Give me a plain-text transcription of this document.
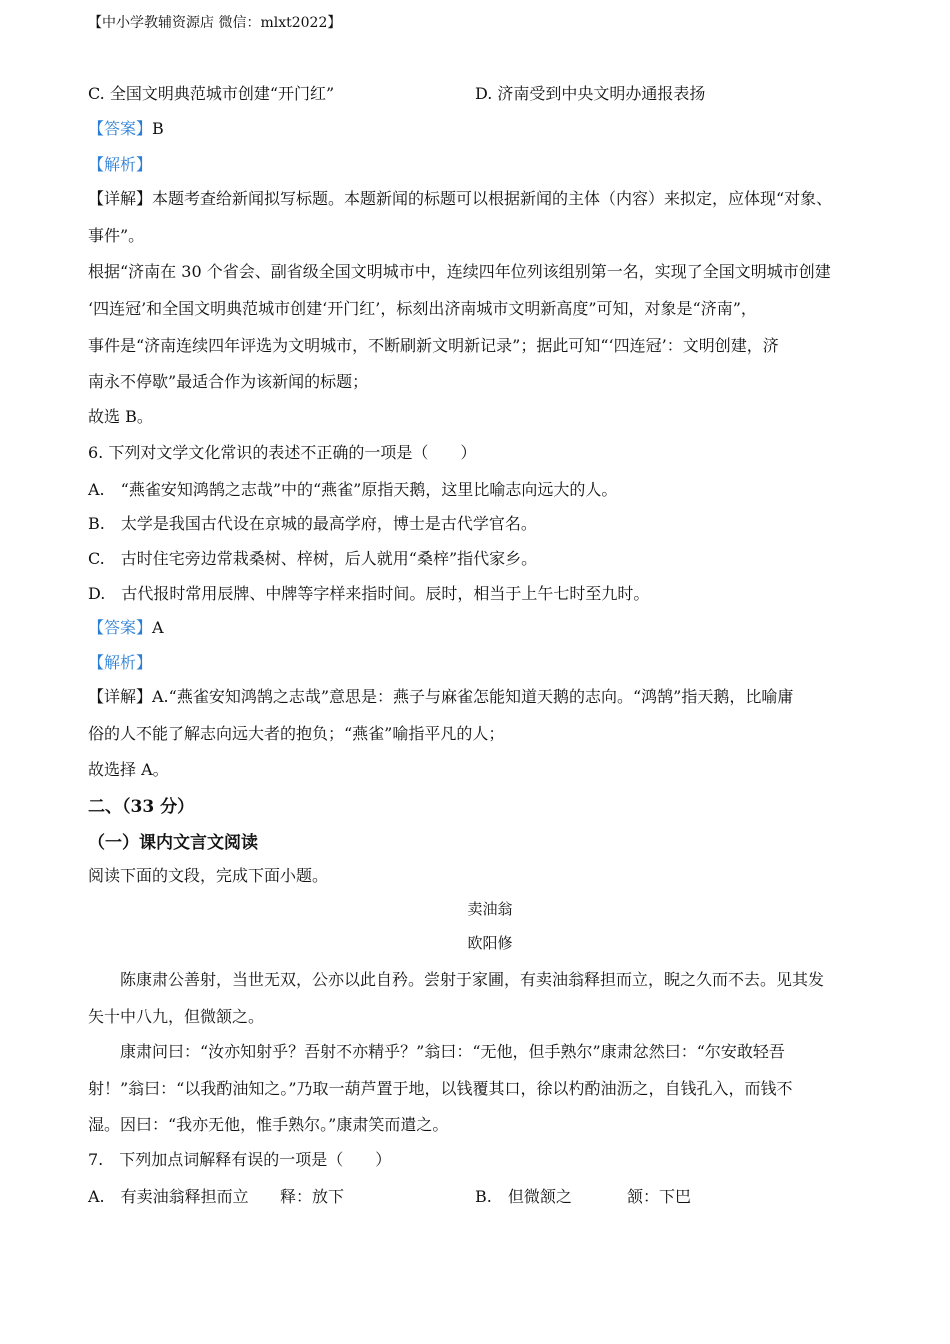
【中小学教辅资源店 微信：mlxt2022】
C. 全国文明典范城市创建“开门红”	D. 济南受到中央文明办通报表扬
【答案】B
【解析】
【详解】本题考查给新闻拟写标题。本题新闻的标题可以根据新闻的主体（内容）来拟定，应体现“对象、
事件”。
根据“济南在 30 个省会、副省级全国文明城市中，连续四年位列该组别第一名，实现了全国文明城市创建
‘四连冠’和全国文明典范城市创建‘开门红’，标刻出济南城市文明新高度”可知，对象是“济南”，
事件是“济南连续四年评选为文明城市，不断刷新文明新记录”；据此可知“‘四连冠’：文明创建，济
南永不停歇”最适合作为该新闻的标题；
故选 B。
6. 下列对文学文化常识的表述不正确的一项是（　　）
A.　“燕雀安知鸿鹄之志哉”中的“燕雀”原指天鹅，这里比喻志向远大的人。
B.　太学是我国古代设在京城的最高学府，博士是古代学官名。
C.　古时住宅旁边常栽桑树、梓树，后人就用“桑梓”指代家乡。
D.　古代报时常用辰牌、中牌等字样来指时间。辰时，相当于上午七时至九时。
【答案】A
【解析】
【详解】A.“燕雀安知鸿鹄之志哉”意思是：燕子与麻雀怎能知道天鹅的志向。“鸿鹄”指天鹅，比喻庸
俗的人不能了解志向远大者的抱负；“燕雀”喻指平凡的人；
故选择 A。
二、（33 分）
（一）课内文言文阅读
阅读下面的文段，完成下面小题。
卖油翁
欧阳修
陈康肃公善射，当世无双，公亦以此自矜。尝射于家圃，有卖油翁释担而立，睨之久而不去。见其发
矢十中八九，但微颔之。
康肃问曰：“汝亦知射乎？吾射不亦精乎？”翁曰：“无他，但手熟尔”康肃忿然曰：“尔安敢轻吾
射！”翁曰：“以我酌油知之。”乃取一葫芦置于地，以钱覆其口，徐以杓酌油沥之，自钱孔入，而钱不
湿。因曰：“我亦无他，惟手熟尔。”康肃笑而遣之。
7.　下列加点词解释有误的一项是（　　）
A.　有卖油翁释担而立 释：放下	B.　但微颔之	颔：下巴
